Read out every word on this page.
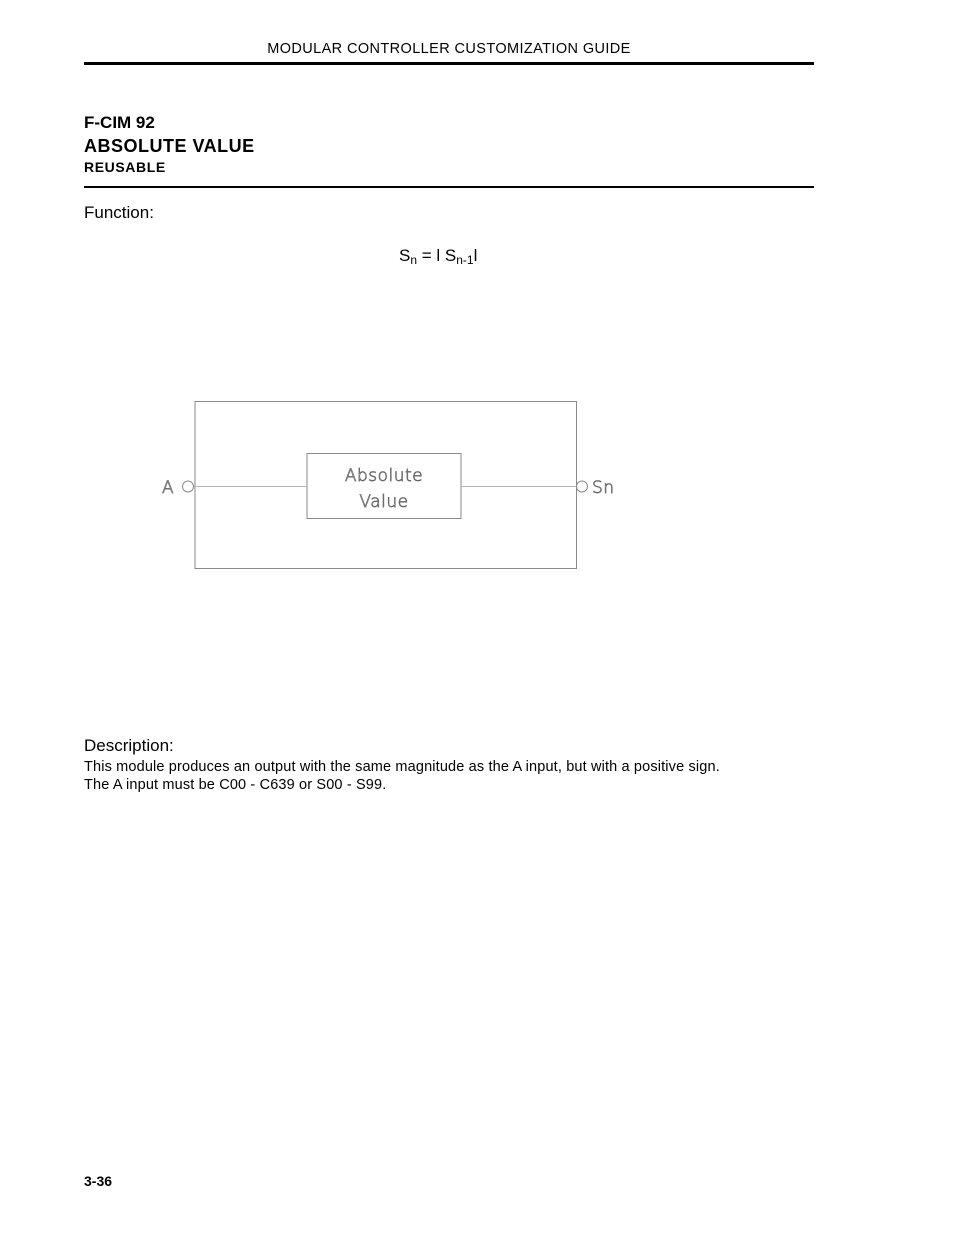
MODULAR CONTROLLER CUSTOMIZATION GUIDE
F-CIM 92
ABSOLUTE VALUE
REUSABLE
Function:
$S_n = l$ $S_{n-1}l$
Absolute
Value
A	Sn
Description:

This module produces an output with the same magnitude as the A input, but with a positive sign.

The A input must be C00 - C639 or S00 - S99.

3-36
